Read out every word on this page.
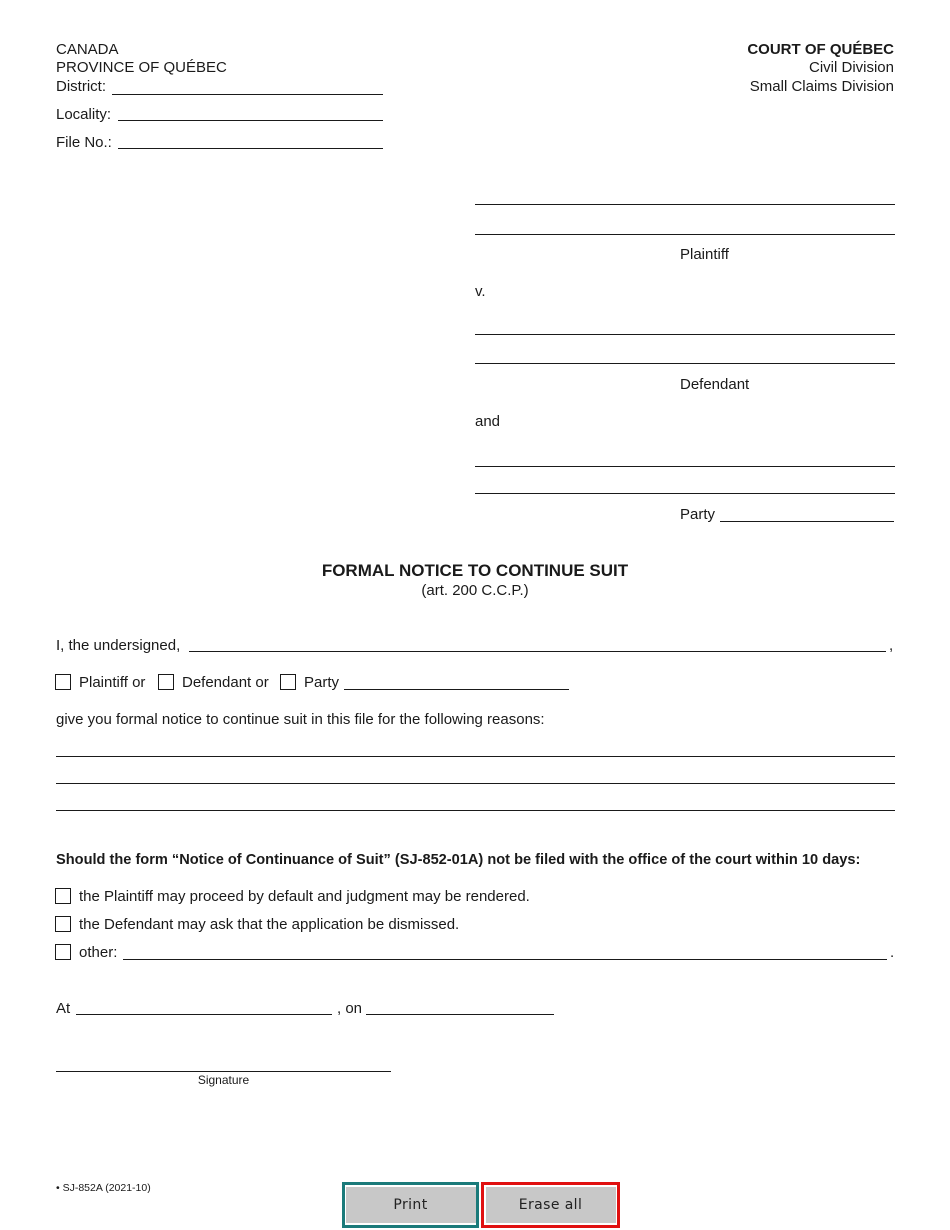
CANADA
PROVINCE OF QUÉBEC
District:
Locality:
File No.:
COURT OF QUÉBEC
Civil Division
Small Claims Division
Plaintiff
v.
Defendant
and
Party
FORMAL NOTICE TO CONTINUE SUIT
(art. 200 C.C.P.)
I, the undersigned,	,
Plaintiff or Defendant or Party
give you formal notice to continue suit in this file for the following reasons:
Should the form “Notice of Continuance of Suit” (SJ-852-01A) not be filed with the office of the court within 10 days:
the Plaintiff may proceed by default and judgment may be rendered.
the Defendant may ask that the application be dismissed.
other:	.
At	, on
Signature
• SJ-852A (2021-10)
Print	Erase all
